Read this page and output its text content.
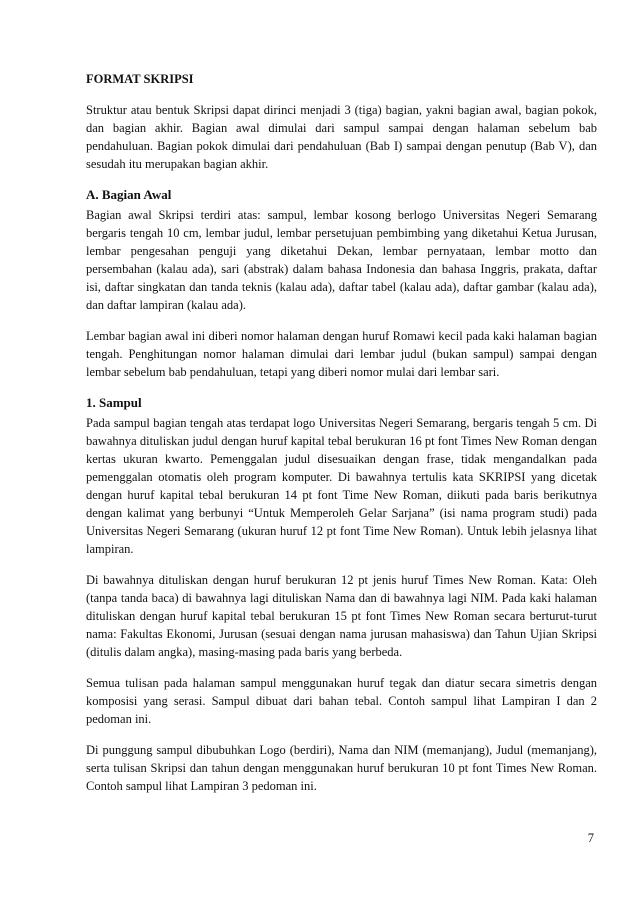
FORMAT SKRIPSI

Struktur atau bentuk Skripsi dapat dirinci menjadi 3 (tiga) bagian, yakni bagian awal, bagian pokok, dan bagian akhir. Bagian awal dimulai dari sampul sampai dengan halaman sebelum bab pendahuluan. Bagian pokok dimulai dari pendahuluan (Bab I) sampai dengan penutup (Bab V), dan sesudah itu merupakan bagian akhir.

A. Bagian Awal

Bagian awal Skripsi terdiri atas: sampul, lembar kosong berlogo Universitas Negeri Semarang bergaris tengah 10 cm, lembar judul, lembar persetujuan pembimbing yang diketahui Ketua Jurusan, lembar pengesahan penguji yang diketahui Dekan, lembar pernyataan, lembar motto dan persembahan (kalau ada), sari (abstrak) dalam bahasa Indonesia dan bahasa Inggris, prakata, daftar isi, daftar singkatan dan tanda teknis (kalau ada), daftar tabel (kalau ada), daftar gambar (kalau ada), dan daftar lampiran (kalau ada).

Lembar bagian awal ini diberi nomor halaman dengan huruf Romawi kecil pada kaki halaman bagian tengah. Penghitungan nomor halaman dimulai dari lembar judul (bukan sampul) sampai dengan lembar sebelum bab pendahuluan, tetapi yang diberi nomor mulai dari lembar sari.

1. Sampul

Pada sampul bagian tengah atas terdapat logo Universitas Negeri Semarang, bergaris tengah 5 cm. Di bawahnya dituliskan judul dengan huruf kapital tebal berukuran 16 pt font Times New Roman dengan kertas ukuran kwarto. Pemenggalan judul disesuaikan dengan frase, tidak mengandalkan pada pemenggalan otomatis oleh program komputer. Di bawahnya tertulis kata SKRIPSI yang dicetak dengan huruf kapital tebal berukuran 14 pt font Time New Roman, diikuti pada baris berikutnya dengan kalimat yang berbunyi “Untuk Memperoleh Gelar Sarjana” (isi nama program studi) pada Universitas Negeri Semarang (ukuran huruf 12 pt font Time New Roman). Untuk lebih jelasnya lihat lampiran.

Di bawahnya dituliskan dengan huruf berukuran 12 pt jenis huruf Times New Roman. Kata: Oleh (tanpa tanda baca) di bawahnya lagi dituliskan Nama dan di bawahnya lagi NIM. Pada kaki halaman dituliskan dengan huruf kapital tebal berukuran 15 pt font Times New Roman secara berturut-turut nama: Fakultas Ekonomi, Jurusan (sesuai dengan nama jurusan mahasiswa) dan Tahun Ujian Skripsi (ditulis dalam angka), masing-masing pada baris yang berbeda.

Semua tulisan pada halaman sampul menggunakan huruf tegak dan diatur secara simetris dengan komposisi yang serasi. Sampul dibuat dari bahan tebal. Contoh sampul lihat Lampiran I dan 2 pedoman ini.

Di punggung sampul dibubuhkan Logo (berdiri), Nama dan NIM (memanjang), Judul (memanjang), serta tulisan Skripsi dan tahun dengan menggunakan huruf berukuran 10 pt font Times New Roman. Contoh sampul lihat Lampiran 3 pedoman ini.

7
